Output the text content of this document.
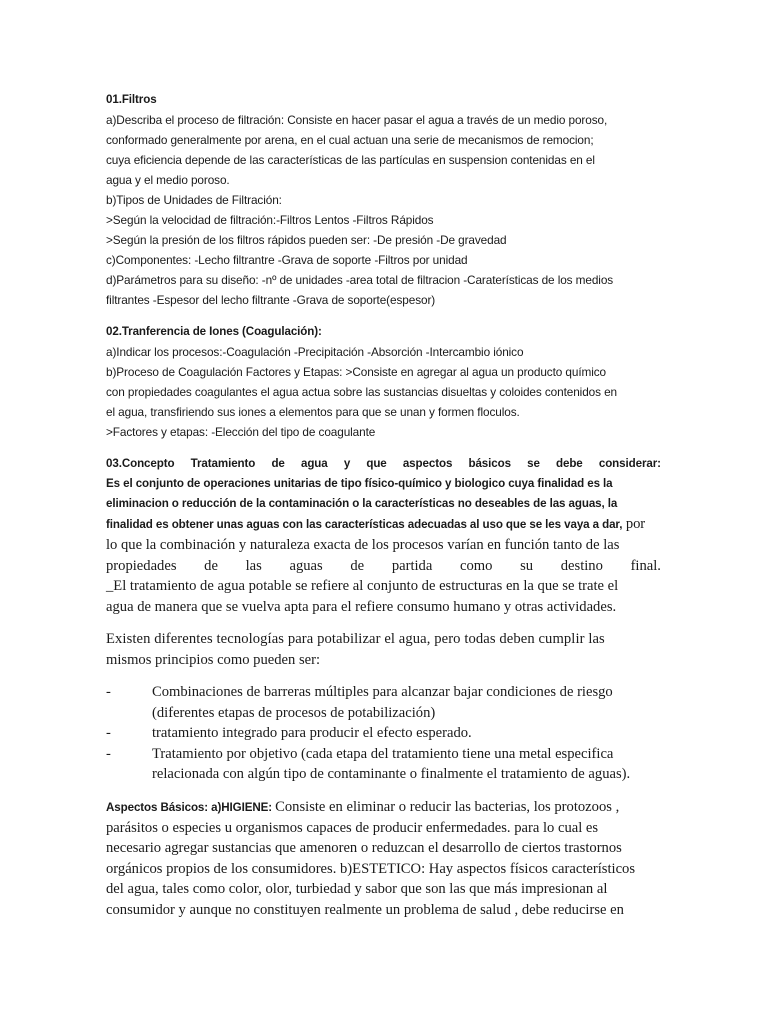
01.Filtros

a)Describa el proceso de filtración: Consiste en hacer pasar el agua a través de un medio poroso,

conformado generalmente por arena, en el cual actuan una serie de mecanismos de remocion;

cuya eficiencia depende de las características de las partículas en suspension contenidas en el

agua y el medio poroso.

b)Tipos de Unidades de Filtración:

>Según la velocidad de filtración:-Filtros Lentos -Filtros Rápidos

>Según la presión de los filtros rápidos pueden ser: -De presión -De gravedad

c)Componentes: -Lecho filtrantre -Grava de soporte -Filtros por unidad

d)Parámetros para su diseño: -nº de unidades -area total de filtracion -Caraterísticas de los medios

filtrantes -Espesor del lecho filtrante -Grava de soporte(espesor)

02.Tranferencia de Iones (Coagulación):

a)Indicar los procesos:-Coagulación -Precipitación -Absorción -Intercambio iónico

b)Proceso de Coagulación Factores y Etapas: >Consiste en agregar al agua un producto químico

con propiedades coagulantes el agua actua sobre las sustancias disueltas y coloides contenidos en

el agua, transfiriendo sus iones a elementos para que se unan y formen floculos.

>Factores y etapas: -Elección del tipo de coagulante

03.Concepto Tratamiento de agua y que aspectos básicos se debe considerar:

Es el conjunto de operaciones unitarias de tipo físico-químico y biologico cuya finalidad es la

eliminacion o reducción de la contaminación o la características no deseables de las aguas, la

finalidad es obtener unas aguas con las características adecuadas al uso que se les vaya a dar, por

lo que la combinación y naturaleza exacta de los procesos varían en función tanto de las

propiedades de las aguas de partida como su destino final.

_El tratamiento de agua potable se refiere al conjunto de estructuras en la que se trate el

agua de manera que se vuelva apta para el refiere consumo humano y otras actividades.

Existen diferentes tecnologías para potabilizar el agua, pero todas deben cumplir las

mismos principios como pueden ser:

-	Combinaciones de barreras múltiples para alcanzar bajar condiciones de riesgo

(diferentes etapas de procesos de potabilización)

-	tratamiento integrado para producir el efecto esperado.

-	Tratamiento por objetivo (cada etapa del tratamiento tiene una metal especifica

relacionada con algún tipo de contaminante o finalmente el tratamiento de aguas).

Aspectos Básicos: a)HIGIENE: Consiste en eliminar o reducir las bacterias, los protozoos ,

parásitos o especies u organismos capaces de producir enfermedades. para lo cual es

necesario agregar sustancias que amenoren o reduzcan el desarrollo de ciertos trastornos

orgánicos propios de los consumidores. b)ESTETICO: Hay aspectos físicos característicos

del agua, tales como color, olor, turbiedad y sabor que son las que más impresionan al

consumidor y aunque no constituyen realmente un problema de salud , debe reducirse en
